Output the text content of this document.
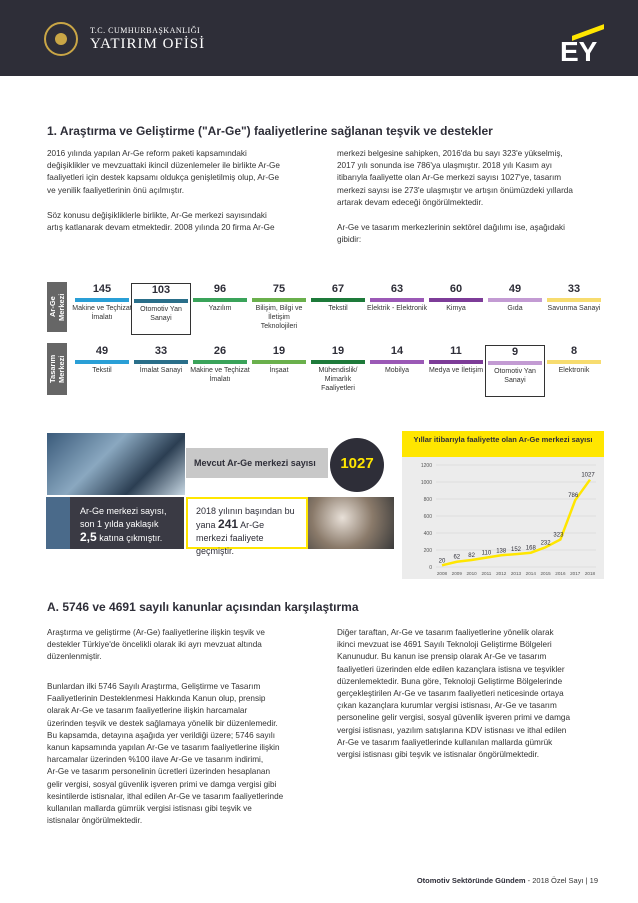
T.C. CUMHURBAŞKANLIĞI
YATIRIM OFİSİ	EY
1. Araştırma ve Geliştirme ("Ar-Ge") faaliyetlerine sağlanan teşvik ve destekler
2016 yılında yapılan Ar-Ge reform paketi kapsamındaki
değişiklikler ve mevzuattaki ikincil düzenlemeler ile birlikte Ar-Ge
faaliyetleri için destek kapsamı oldukça genişletilmiş olup, Ar-Ge
ve yenilik faaliyetlerinin önü açılmıştır.
Söz konusu değişikliklerle birlikte, Ar-Ge merkezi sayısındaki
artış katlanarak devam etmektedir. 2008 yılında 20 firma Ar-Ge
merkezi belgesine sahipken, 2016'da bu sayı 323'e yükselmiş,
2017 yılı sonunda ise 786'ya ulaşmıştır. 2018 yılı Kasım ayı
itibarıyla faaliyette olan Ar-Ge merkezi sayısı 1027'ye, tasarım
merkezi sayısı ise 273'e ulaşmıştır ve artışın önümüzdeki yıllarda
artarak devam edeceği öngörülmektedir.
Ar-Ge ve tasarım merkezlerinin sektörel dağılımı ise, aşağıdaki
gibidir:
Ar-Ge Merkezi
Tasarım Merkezi
145
Makine ve Teçhizat İmalatı
103
Otomotiv Yan Sanayi
96
Yazılım
75
Bilişim, Bilgi ve İletişim Teknolojileri
67
Tekstil
63
Elektrik - Elektronik
60
Kimya
49
Gıda
33
Savunma Sanayi
49
Tekstil
33
İmalat Sanayi
26
Makine ve Teçhizat İmalatı
19
İnşaat
19
Mühendislik/ Mimarlık Faaliyetleri
14
Mobilya
11
Medya ve İletişim
9
Otomotiv Yan Sanayi
8
Elektronik
Mevcut Ar-Ge merkezi sayısı	1027
Ar-Ge merkezi sayısı, son 1 yılda yaklaşık 2,5 katına çıkmıştır.
2018 yılının başından bu yana 241 Ar-Ge merkezi faaliyete geçmiştir.
Yıllar itibarıyla faaliyette olan Ar-Ge merkezi sayısı
0
200
400
600
800
1000
1200
2008 2009 2010 2011 2012 2013 2014 2015 2016 2017 2018
20
62 82 110 138 152 168
232
323
786
1027
A. 5746 ve 4691 sayılı kanunlar açısından karşılaştırma
Araştırma ve geliştirme (Ar-Ge) faaliyetlerine ilişkin teşvik ve
destekler Türkiye'de öncelikli olarak iki ayrı mevzuat altında
düzenlenmiştir.
Bunlardan ilki 5746 Sayılı Araştırma, Geliştirme ve Tasarım
Faaliyetlerinin Desteklenmesi Hakkında Kanun olup, prensip
olarak Ar-Ge ve tasarım faaliyetlerine ilişkin harcamalar
üzerinden teşvik ve destek sağlamaya yönelik bir düzenlemedir.
Bu kapsamda, detayına aşağıda yer verildiği üzere; 5746 sayılı
kanun kapsamında yapılan Ar-Ge ve tasarım faaliyetlerine ilişkin
harcamalar üzerinden %100 ilave Ar-Ge ve tasarım indirimi,
Ar-Ge ve tasarım personelinin ücretleri üzerinden hesaplanan
gelir vergisi, sosyal güvenlik işveren primi ve damga vergisi gibi
kesintilerde istisnalar, ithal edilen Ar-Ge ve tasarım faaliyetlerinde
kullanılan mallarda gümrük vergisi istisnası gibi teşvik ve
istisnalar öngörülmektedir.
Diğer taraftan, Ar-Ge ve tasarım faaliyetlerine yönelik olarak
ikinci mevzuat ise 4691 Sayılı Teknoloji Geliştirme Bölgeleri
Kanunudur. Bu kanun ise prensip olarak Ar-Ge ve tasarım
faaliyetleri üzerinden elde edilen kazançlara istisna ve teşvikler
düzenlemektedir. Buna göre, Teknoloji Geliştirme Bölgelerinde
gerçekleştirilen Ar-Ge ve tasarım faaliyetleri neticesinde ortaya
çıkan kazançlara kurumlar vergisi istisnası, Ar-Ge ve tasarım
personeline gelir vergisi, sosyal güvenlik işveren primi ve damga
vergisi istisnası, yazılım satışlarına KDV istisnası ve ithal edilen
Ar-Ge ve tasarım faaliyetlerinde kullanılan mallarda gümrük
vergisi istisnası gibi teşvik ve istisnalar öngörülmektedir.
Otomotiv Sektöründe Gündem - 2018 Özel Sayı | 19
